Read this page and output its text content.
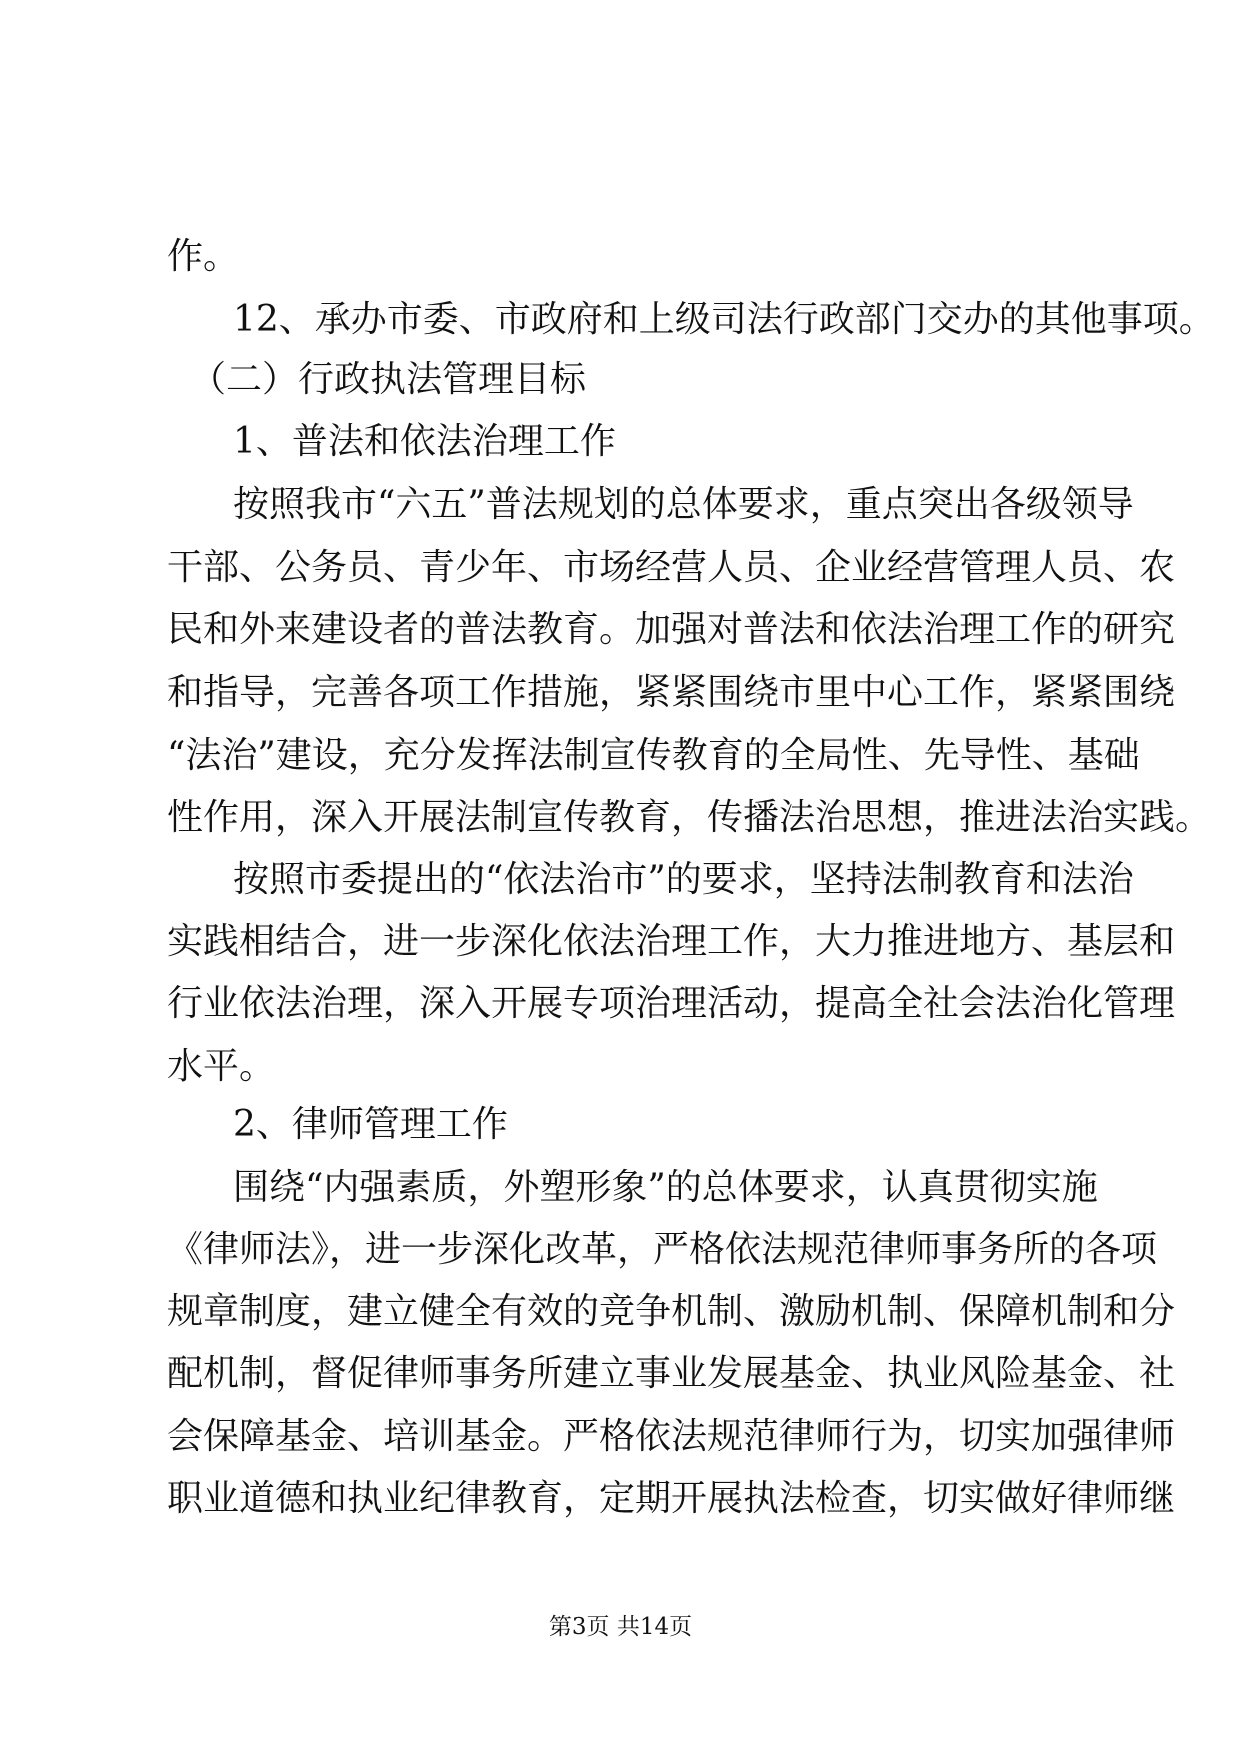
作。
12、承办市委、市政府和上级司法行政部门交办的其他事项。
（二）行政执法管理目标
1、普法和依法治理工作
按照我市“六五”普法规划的总体要求，重点突出各级领导
干部、公务员、青少年、市场经营人员、企业经营管理人员、农
民和外来建设者的普法教育。加强对普法和依法治理工作的研究
和指导，完善各项工作措施，紧紧围绕市里中心工作，紧紧围绕
“法治”建设，充分发挥法制宣传教育的全局性、先导性、基础
性作用，深入开展法制宣传教育，传播法治思想，推进法治实践。
按照市委提出的“依法治市”的要求，坚持法制教育和法治
实践相结合，进一步深化依法治理工作，大力推进地方、基层和
行业依法治理，深入开展专项治理活动，提高全社会法治化管理
水平。
2、律师管理工作
围绕“内强素质，外塑形象”的总体要求，认真贯彻实施
《律师法》，进一步深化改革，严格依法规范律师事务所的各项
规章制度，建立健全有效的竞争机制、激励机制、保障机制和分
配机制，督促律师事务所建立事业发展基金、执业风险基金、社
会保障基金、培训基金。严格依法规范律师行为，切实加强律师
职业道德和执业纪律教育，定期开展执法检查，切实做好律师继
第3页 共14页
